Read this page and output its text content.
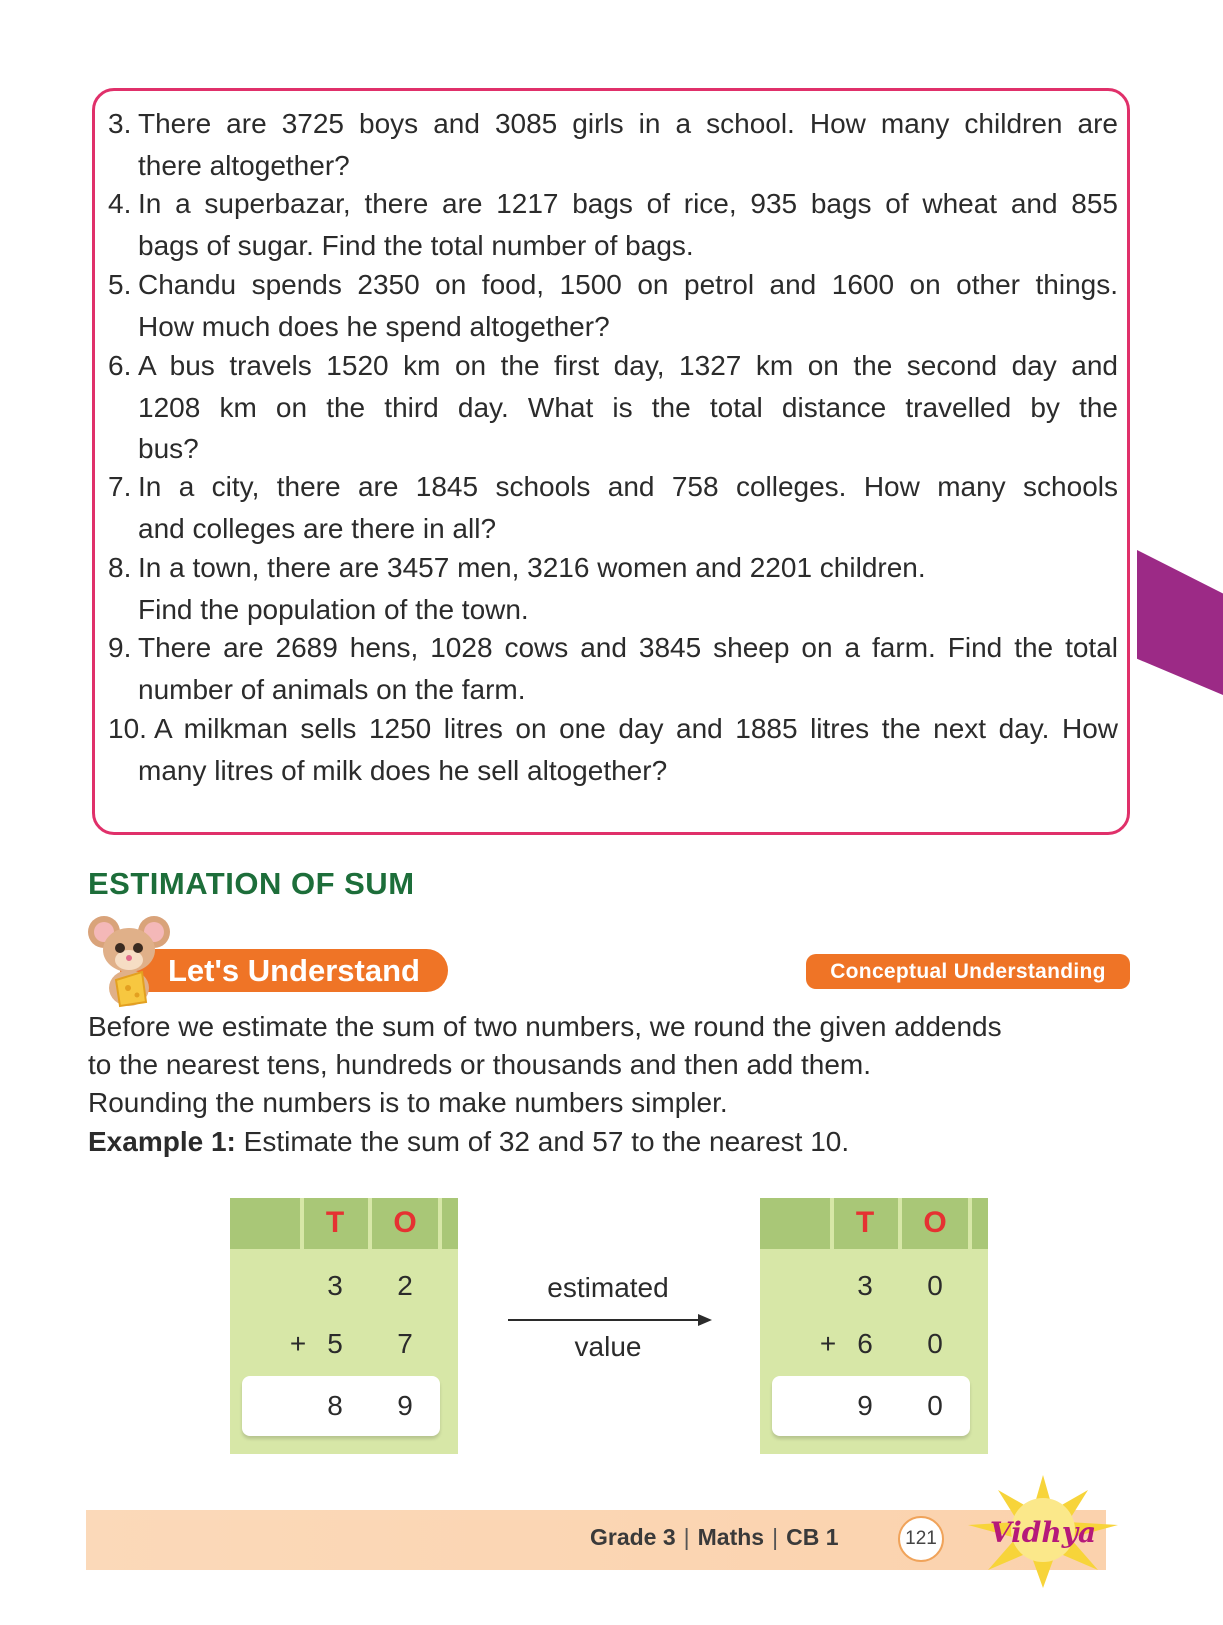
3. There are 3725 boys and 3085 girls in a school. How many children are
there altogether?
4. In a superbazar, there are 1217 bags of rice, 935 bags of wheat and 855
bags of sugar. Find the total number of bags.
5. Chandu spends 2350 on food, 1500 on petrol and 1600 on other things.
How much does he spend altogether?
6. A bus travels 1520 km on the first day, 1327 km on the second day and
1208 km on the third day. What is the total distance travelled by the
bus?
7. In a city, there are 1845 schools and 758 colleges. How many schools
and colleges are there in all?
8. In a town, there are 3457 men, 3216 women and 2201 children.
Find the population of the town.
9. There are 2689 hens, 1028 cows and 3845 sheep on a farm. Find the total
number of animals on the farm.
10. A milkman sells 1250 litres on one day and 1885 litres the next day. How
many litres of milk does he sell altogether?
ESTIMATION OF SUM
Let's Understand	Conceptual Understanding
Before we estimate the sum of two numbers, we round the given addends
to the nearest tens, hundreds or thousands and then add them.
Rounding the numbers is to make numbers simpler.
Example 1: Estimate the sum of 32 and 57 to the nearest 10.
T	O
3	2
+ 5	7
8	9
estimated
value
T	O
3	0
+ 6	0
9	0
Grade 3 | Maths | CB 1	121 Vidhya
